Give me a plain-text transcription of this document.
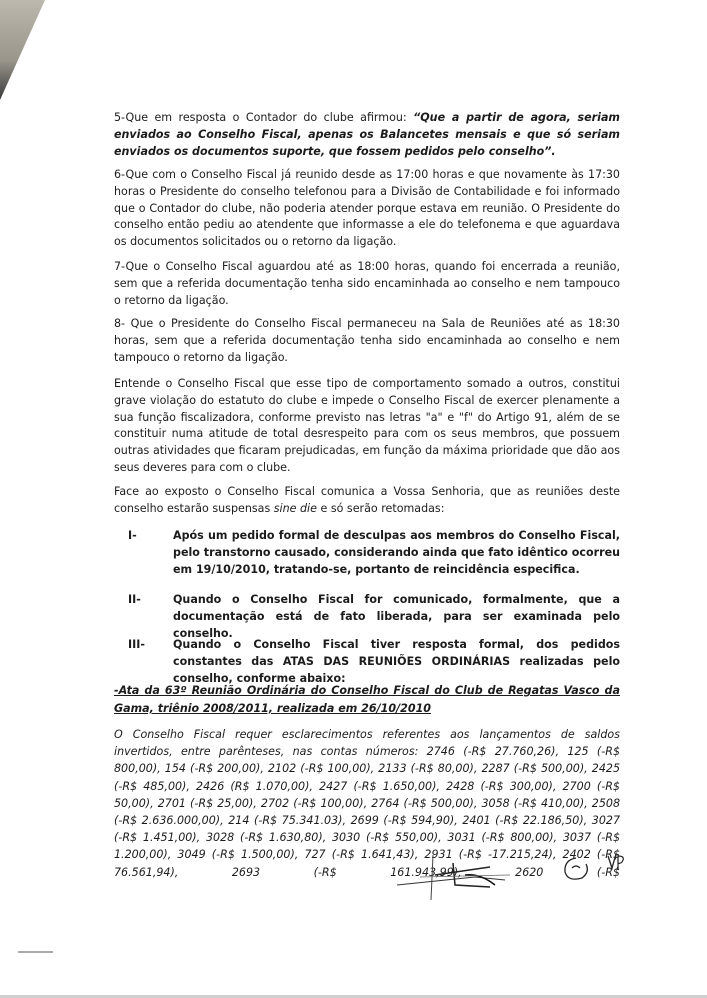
5-Que em resposta o Contador do clube afirmou: “Que a partir de agora, seriam enviados ao Conselho Fiscal, apenas os Balancetes mensais e que só seriam enviados os documentos suporte, que fossem pedidos pelo conselho”.

6-Que com o Conselho Fiscal já reunido desde as 17:00 horas e que novamente às 17:30 horas o Presidente do conselho telefonou para a Divisão de Contabilidade e foi informado que o Contador do clube, não poderia atender porque estava em reunião. O Presidente do conselho então pediu ao atendente que informasse a ele do telefonema e que aguardava os documentos solicitados ou o retorno da ligação.

7-Que o Conselho Fiscal aguardou até as 18:00 horas, quando foi encerrada a reunião, sem que a referida documentação tenha sido encaminhada ao conselho e nem tampouco o retorno da ligação.

8- Que o Presidente do Conselho Fiscal permaneceu na Sala de Reuniões até as 18:30 horas, sem que a referida documentação tenha sido encaminhada ao conselho e nem tampouco o retorno da ligação.

Entende o Conselho Fiscal que esse tipo de comportamento somado a outros, constitui grave violação do estatuto do clube e impede o Conselho Fiscal de exercer plenamente a sua função fiscalizadora, conforme previsto nas letras "a" e "f" do Artigo 91, além de se constituir numa atitude de total desrespeito para com os seus membros, que possuem outras atividades que ficaram prejudicadas, em função da máxima prioridade que dão aos seus deveres para com o clube.

Face ao exposto o Conselho Fiscal comunica a Vossa Senhoria, que as reuniões deste conselho estarão suspensas sine die e só serão retomadas:

I-	Após um pedido formal de desculpas aos membros do Conselho Fiscal, pelo transtorno causado, considerando ainda que fato idêntico ocorreu em 19/10/2010, tratando-se, portanto de reincidência especifica.
II-	Quando o Conselho Fiscal for comunicado, formalmente, que a documentação está de fato liberada, para ser examinada pelo conselho.
III-	Quando o Conselho Fiscal tiver resposta formal, dos pedidos constantes das ATAS DAS REUNIÕES ORDINÁRIAS realizadas pelo conselho, conforme abaixo:

-Ata da 63º Reunião Ordinária do Conselho Fiscal do Club de Regatas Vasco da Gama, triênio 2008/2011, realizada em 26/10/2010

O Conselho Fiscal requer esclarecimentos referentes aos lançamentos de saldos invertidos, entre parênteses, nas contas números: 2746 (-R$ 27.760,26), 125 (-R$ 800,00), 154 (-R$ 200,00), 2102 (-R$ 100,00), 2133 (-R$ 80,00), 2287 (-R$ 500,00), 2425 (-R$ 485,00), 2426 (R$ 1.070,00), 2427 (-R$ 1.650,00), 2428 (-R$ 300,00), 2700 (-R$ 50,00), 2701 (-R$ 25,00), 2702 (-R$ 100,00), 2764 (-R$ 500,00), 3058 (-R$ 410,00), 2508 (-R$ 2.636.000,00), 214 (-R$ 75.341.03), 2699 (-R$ 594,90), 2401 (-R$ 22.186,50), 3027 (-R$ 1.451,00), 3028 (-R$ 1.630,80), 3030 (-R$ 550,00), 3031 (-R$ 800,00), 3037 (-R$ 1.200,00), 3049 (-R$ 1.500,00), 727 (-R$ 1.641,43), 2931 (-R$ -17.215,24), 2402 (-R$ 76.561,94), 2693 (-R$ 161.943,99), 2620 (-R$
